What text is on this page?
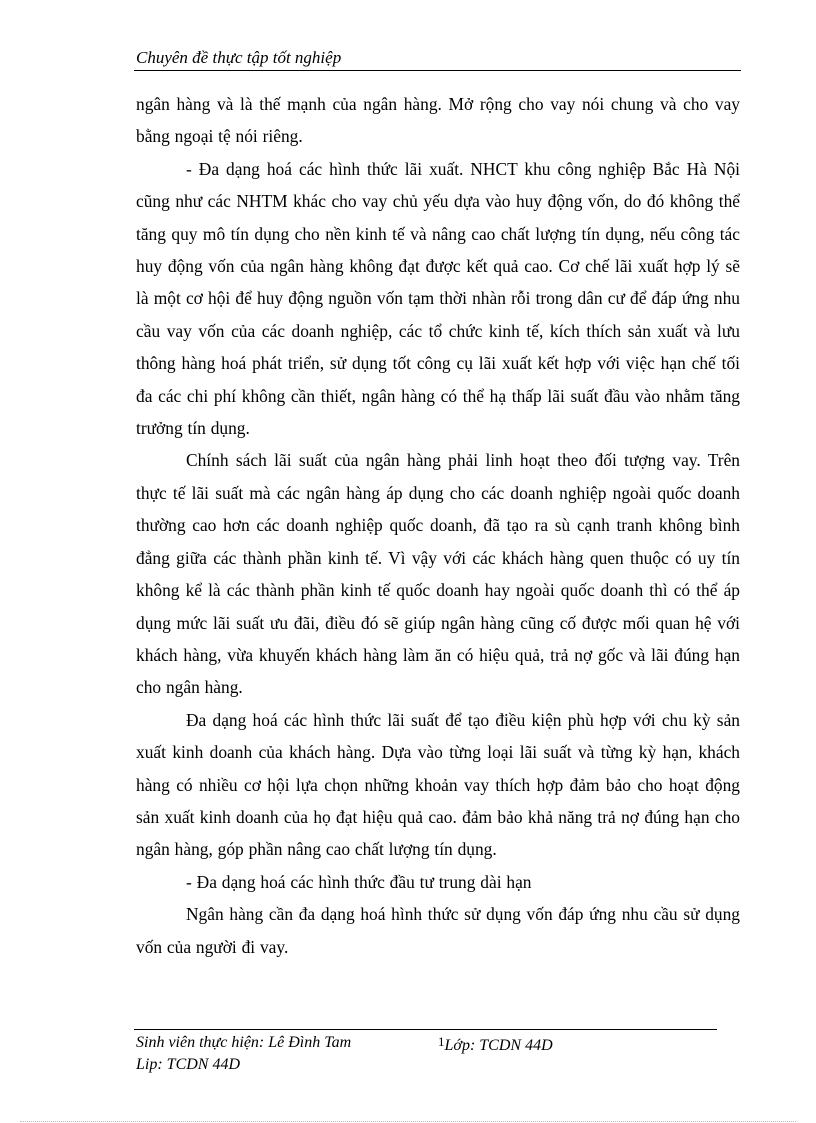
Chuyên đề thực tập tốt nghiệp

ngân hàng và là thế mạnh của ngân hàng. Mở rộng cho vay nói chung và cho vay bằng ngoại tệ nói riêng.

- Đa dạng hoá các hình thức lãi xuất. NHCT khu công nghiệp Bắc Hà Nội cũng như các NHTM khác cho vay chủ yếu dựa vào huy động vốn, do đó không thể tăng quy mô tín dụng cho nền kinh tế và nâng cao chất lượng tín dụng, nếu công tác huy động vốn của ngân hàng không đạt được kết quả cao. Cơ chế lãi xuất hợp lý sẽ là một cơ hội để huy động nguồn vốn tạm thời nhàn rỗi trong dân cư để đáp ứng nhu cầu vay vốn của các doanh nghiệp, các tổ chức kinh tế, kích thích sản xuất và lưu thông hàng hoá phát triển, sử dụng tốt công cụ lãi xuất kết hợp với việc hạn chế tối đa các chi phí không cần thiết, ngân hàng có thể hạ thấp lãi suất đầu vào nhằm tăng trưởng tín dụng.

Chính sách lãi suất của ngân hàng phải linh hoạt theo đối tượng vay. Trên thực tế lãi suất mà các ngân hàng áp dụng cho các doanh nghiệp ngoài quốc doanh thường cao hơn các doanh nghiệp quốc doanh, đã tạo ra sù cạnh tranh không bình đẳng giữa các thành phần kinh tế. Vì vậy với các khách hàng quen thuộc có uy tín không kể là các thành phần kinh tế quốc doanh hay ngoài quốc doanh thì có thể áp dụng mức lãi suất ưu đãi, điều đó sẽ giúp ngân hàng cũng cố được mối quan hệ với khách hàng, vừa khuyến khách hàng làm ăn có hiệu quả, trả nợ gốc và lãi đúng hạn cho ngân hàng.

Đa dạng hoá các hình thức lãi suất để tạo điều kiện phù hợp với chu kỳ sản xuất kinh doanh của khách hàng. Dựa vào từng loại lãi suất và từng kỳ hạn, khách hàng có nhiều cơ hội lựa chọn những khoản vay thích hợp đảm bảo cho hoạt động sản xuất kinh doanh của họ đạt hiệu quả cao. đảm bảo khả năng trả nợ đúng hạn cho ngân hàng, góp phần nâng cao chất lượng tín dụng.

- Đa dạng hoá các hình thức đầu tư trung dài hạn

Ngân hàng cần đa dạng hoá hình thức sử dụng vốn đáp ứng nhu cầu sử dụng vốn của người đi vay.

Sinh viên thực hiện: Lê Đình Tam	$^1$Lớp: TCDN 44D
Lip: TCDN 44D
